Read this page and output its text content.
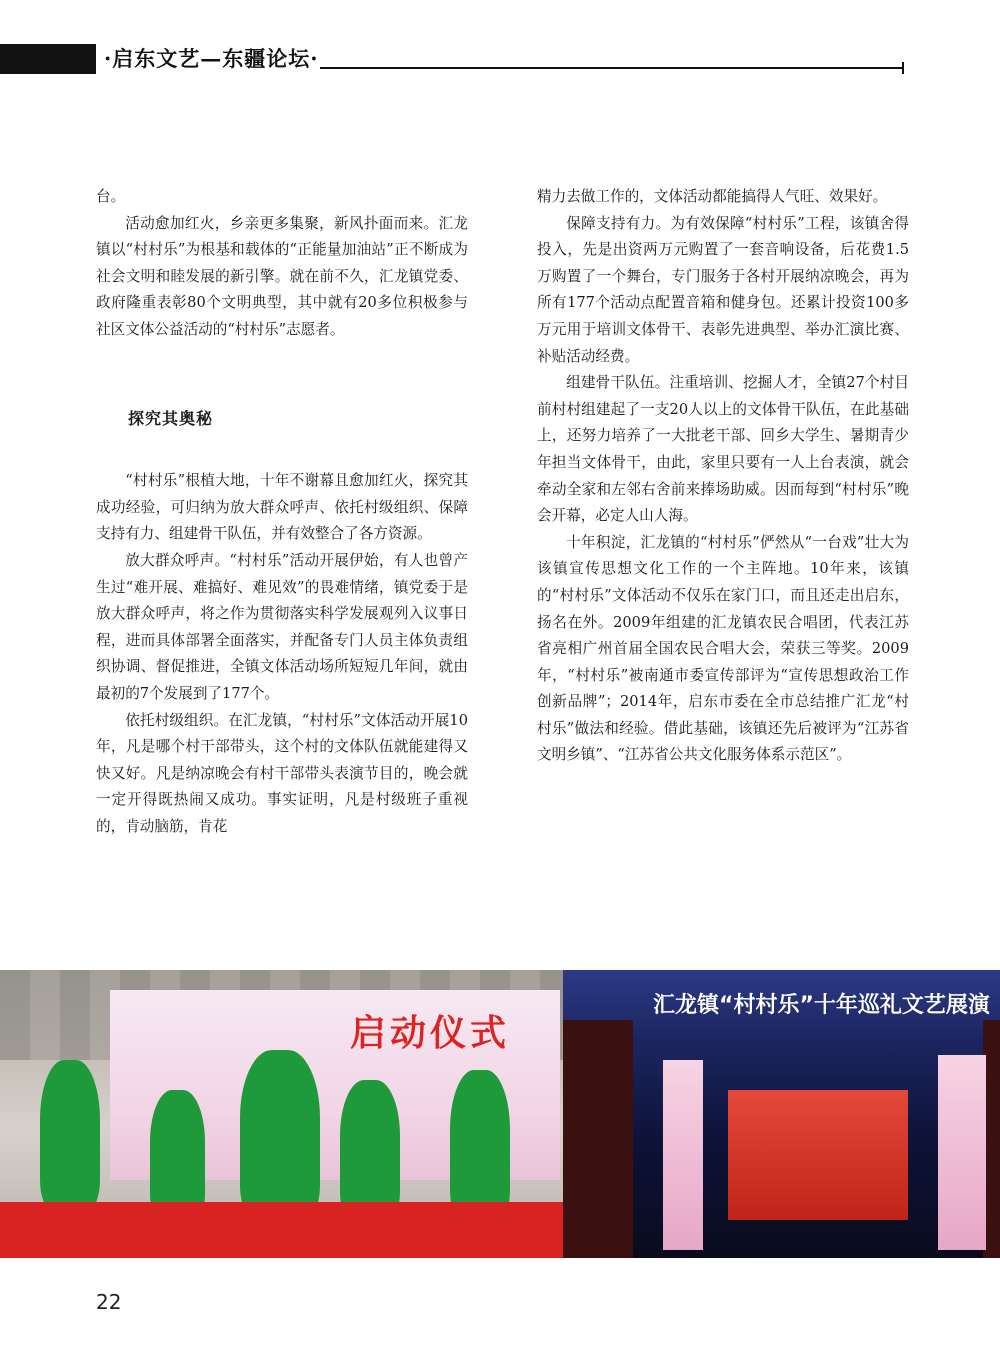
·启东文艺—东疆论坛·

台。

活动愈加红火，乡亲更多集聚，新风扑面而来。汇龙镇以“村村乐”为根基和载体的“正能量加油站”正不断成为社会文明和睦发展的新引擎。就在前不久，汇龙镇党委、政府隆重表彰80个文明典型，其中就有20多位积极参与社区文体公益活动的“村村乐”志愿者。

探究其奥秘

“村村乐”根植大地，十年不谢幕且愈加红火，探究其成功经验，可归纳为放大群众呼声、依托村级组织、保障支持有力、组建骨干队伍，并有效整合了各方资源。

放大群众呼声。“村村乐”活动开展伊始，有人也曾产生过“难开展、难搞好、难见效”的畏难情绪，镇党委于是放大群众呼声，将之作为贯彻落实科学发展观列入议事日程，进而具体部署全面落实，并配备专门人员主体负责组织协调、督促推进，全镇文体活动场所短短几年间，就由最初的7个发展到了177个。

依托村级组织。在汇龙镇，“村村乐”文体活动开展10年，凡是哪个村干部带头，这个村的文体队伍就能建得又快又好。凡是纳凉晚会有村干部带头表演节目的，晚会就一定开得既热闹又成功。事实证明，凡是村级班子重视的，肯动脑筋，肯花

精力去做工作的，文体活动都能搞得人气旺、效果好。

保障支持有力。为有效保障“村村乐”工程，该镇舍得投入，先是出资两万元购置了一套音响设备，后花费1.5万购置了一个舞台，专门服务于各村开展纳凉晚会，再为所有177个活动点配置音箱和健身包。还累计投资100多万元用于培训文体骨干、表彰先进典型、举办汇演比赛、补贴活动经费。

组建骨干队伍。注重培训、挖掘人才，全镇27个村目前村村组建起了一支20人以上的文体骨干队伍，在此基础上，还努力培养了一大批老干部、回乡大学生、暑期青少年担当文体骨干，由此，家里只要有一人上台表演，就会牵动全家和左邻右舍前来捧场助威。因而每到“村村乐”晚会开幕，必定人山人海。

十年积淀，汇龙镇的“村村乐”俨然从“一台戏”壮大为该镇宣传思想文化工作的一个主阵地。10年来，该镇的“村村乐”文体活动不仅乐在家门口，而且还走出启东，扬名在外。2009年组建的汇龙镇农民合唱团，代表江苏省亮相广州首届全国农民合唱大会，荣获三等奖。2009年，“村村乐”被南通市委宣传部评为“宣传思想政治工作创新品牌”；2014年，启东市委在全市总结推广汇龙“村村乐”做法和经验。借此基础，该镇还先后被评为“江苏省文明乡镇”、“江苏省公共文化服务体系示范区”。

启动仪式
汇龙镇“村村乐”十年巡礼文艺展演
22
